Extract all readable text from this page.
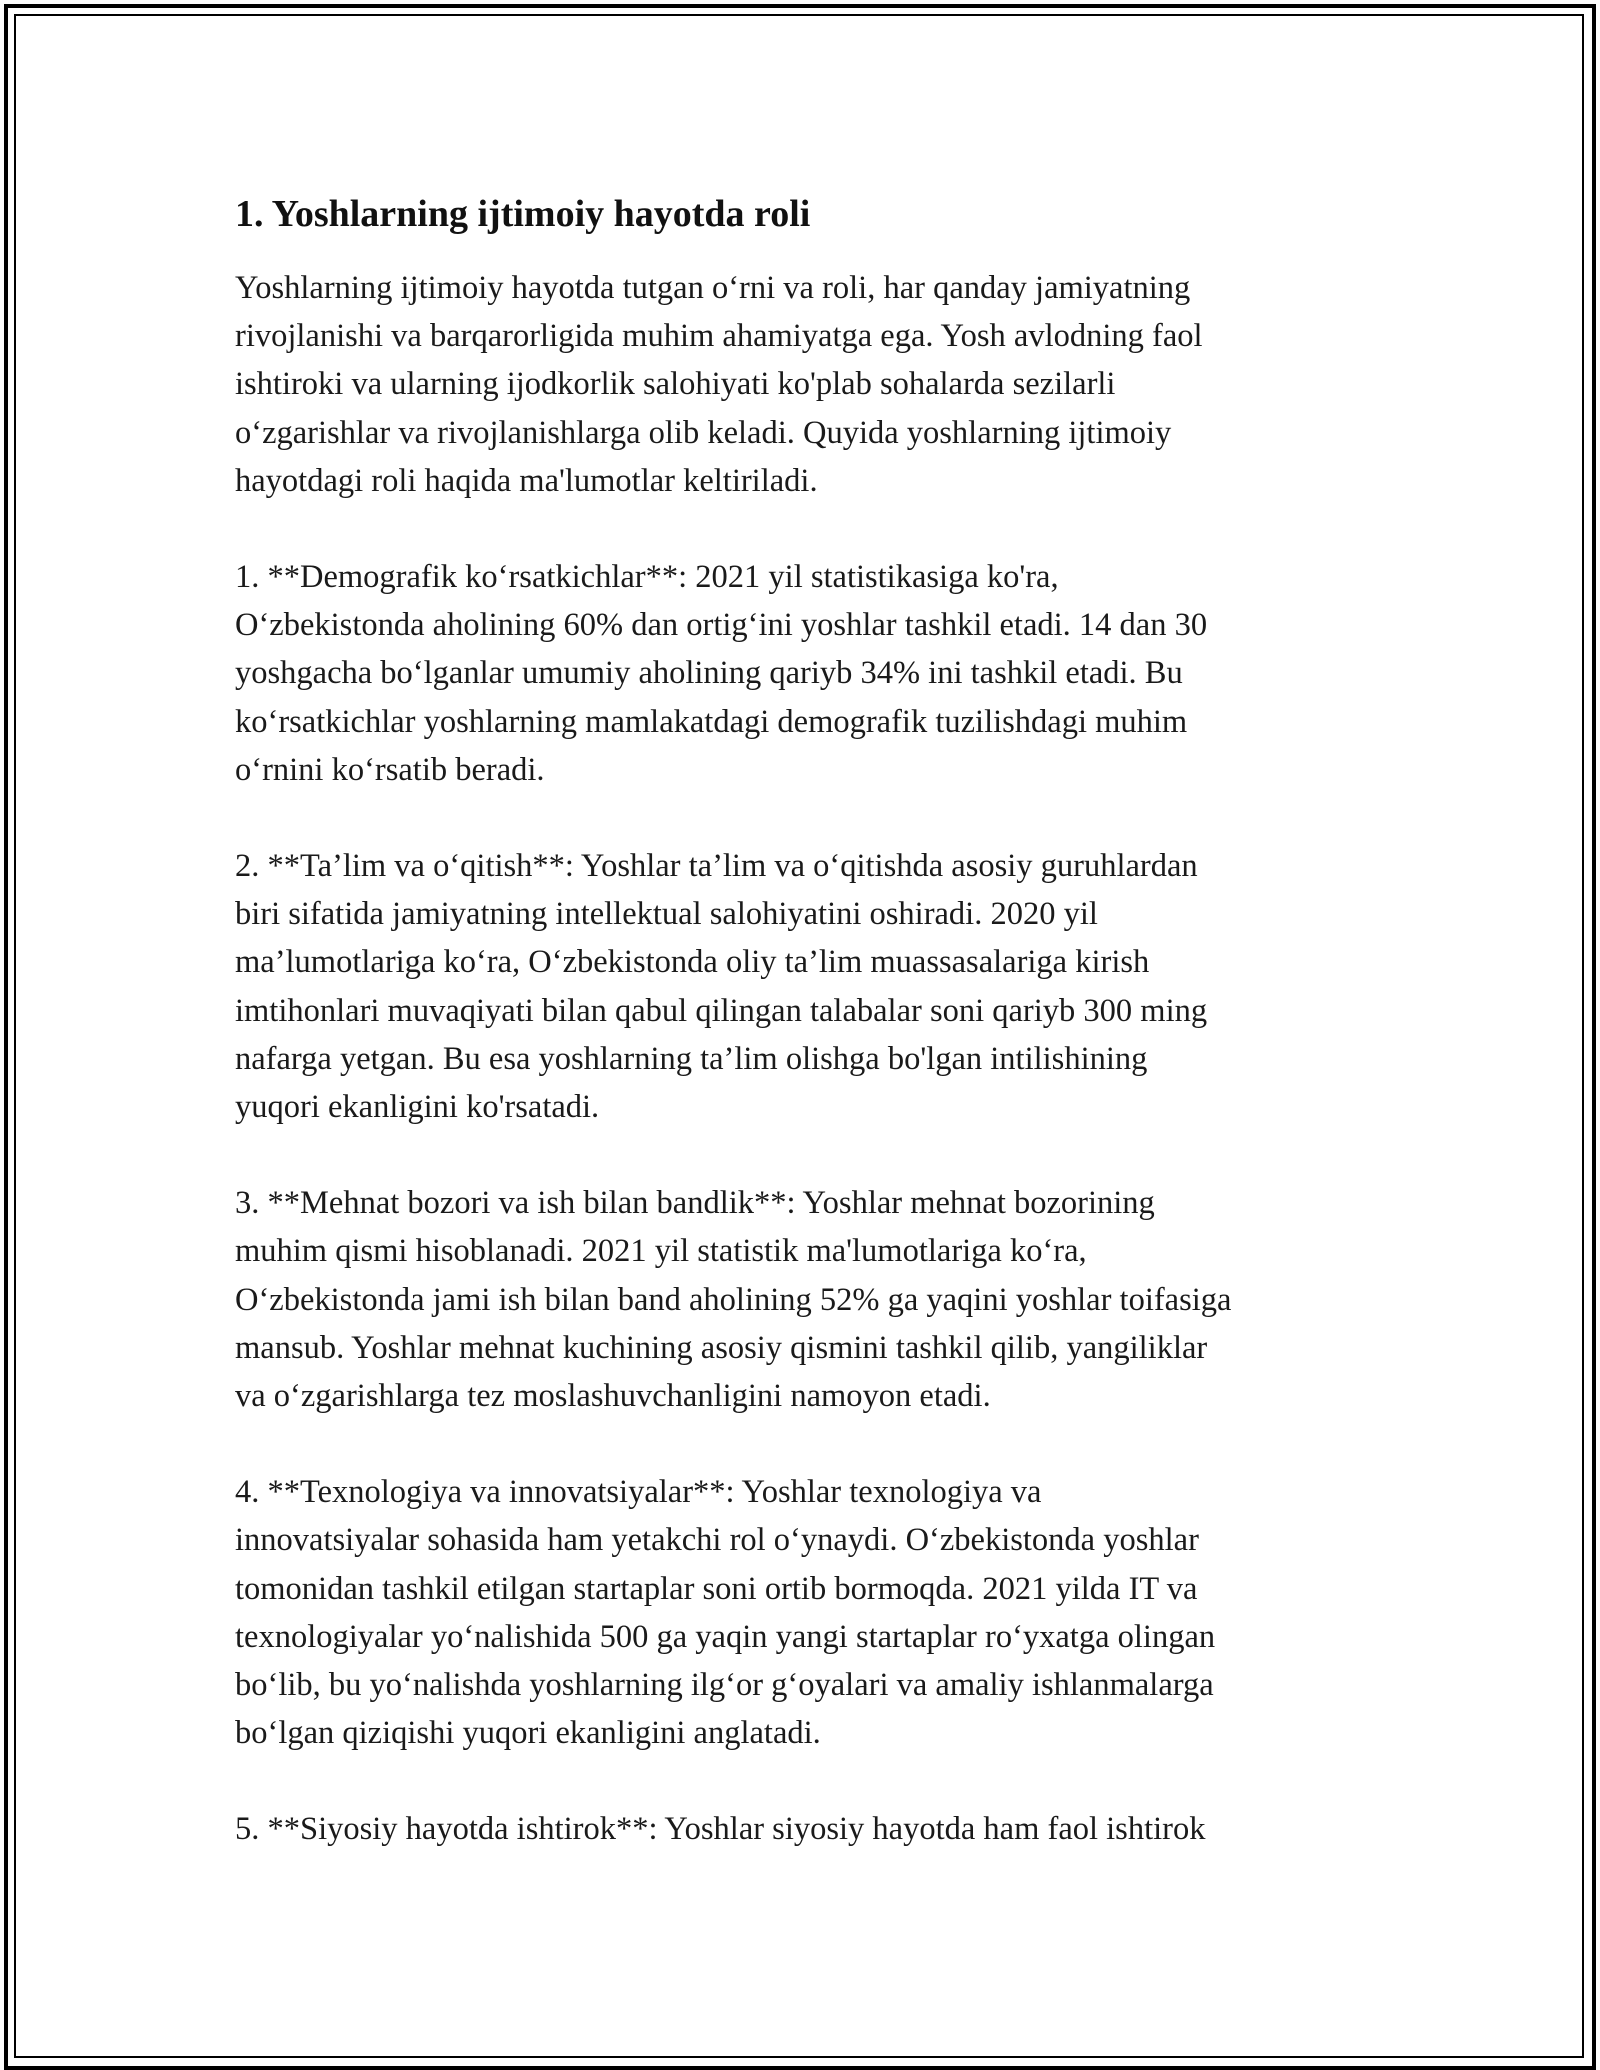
1. Yoshlarning ijtimoiy hayotda roli

Yoshlarning ijtimoiy hayotda tutgan o‘rni va roli, har qanday jamiyatning
rivojlanishi va barqarorligida muhim ahamiyatga ega. Yosh avlodning faol
ishtiroki va ularning ijodkorlik salohiyati ko'plab sohalarda sezilarli
o‘zgarishlar va rivojlanishlarga olib keladi. Quyida yoshlarning ijtimoiy
hayotdagi roli haqida ma'lumotlar keltiriladi.

1. **Demografik ko‘rsatkichlar**: 2021 yil statistikasiga ko'ra,
O‘zbekistonda aholining 60% dan ortig‘ini yoshlar tashkil etadi. 14 dan 30
yoshgacha bo‘lganlar umumiy aholining qariyb 34% ini tashkil etadi. Bu
ko‘rsatkichlar yoshlarning mamlakatdagi demografik tuzilishdagi muhim
o‘rnini ko‘rsatib beradi.

2. **Ta’lim va o‘qitish**: Yoshlar ta’lim va o‘qitishda asosiy guruhlardan
biri sifatida jamiyatning intellektual salohiyatini oshiradi. 2020 yil
ma’lumotlariga ko‘ra, O‘zbekistonda oliy ta’lim muassasalariga kirish
imtihonlari muvaqiyati bilan qabul qilingan talabalar soni qariyb 300 ming
nafarga yetgan. Bu esa yoshlarning ta’lim olishga bo'lgan intilishining
yuqori ekanligini ko'rsatadi.

3. **Mehnat bozori va ish bilan bandlik**: Yoshlar mehnat bozorining
muhim qismi hisoblanadi. 2021 yil statistik ma'lumotlariga ko‘ra,
O‘zbekistonda jami ish bilan band aholining 52% ga yaqini yoshlar toifasiga
mansub. Yoshlar mehnat kuchining asosiy qismini tashkil qilib, yangiliklar
va o‘zgarishlarga tez moslashuvchanligini namoyon etadi.

4. **Texnologiya va innovatsiyalar**: Yoshlar texnologiya va
innovatsiyalar sohasida ham yetakchi rol o‘ynaydi. O‘zbekistonda yoshlar
tomonidan tashkil etilgan startaplar soni ortib bormoqda. 2021 yilda IT va
texnologiyalar yo‘nalishida 500 ga yaqin yangi startaplar ro‘yxatga olingan
bo‘lib, bu yo‘nalishda yoshlarning ilg‘or g‘oyalari va amaliy ishlanmalarga
bo‘lgan qiziqishi yuqori ekanligini anglatadi.

5. **Siyosiy hayotda ishtirok**: Yoshlar siyosiy hayotda ham faol ishtirok
